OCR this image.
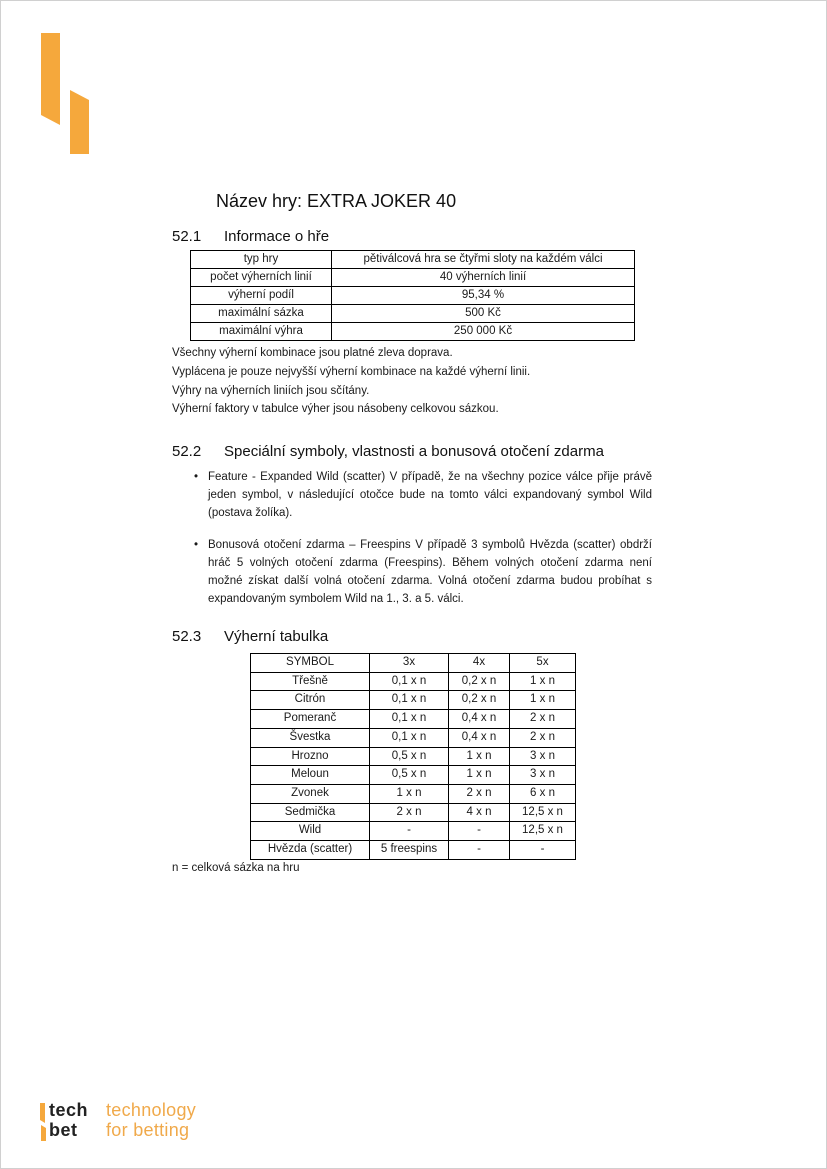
Název hry: EXTRA JOKER 40
52.1 Informace o hře
typ hry	pětiválcová hra se čtyřmi sloty na každém válci
počet výherních linií	40 výherních linií
výherní podíl	95,34 %
maximální sázka	500 Kč
maximální výhra	250 000 Kč
Všechny výherní kombinace jsou platné zleva doprava.
Vyplácena je pouze nejvyšší výherní kombinace na každé výherní linii.
Výhry na výherních liniích jsou sčítány.
Výherní faktory v tabulce výher jsou násobeny celkovou sázkou.
52.2 Speciální symboly, vlastnosti a bonusová otočení zdarma
• Feature - Expanded Wild (scatter) V případě, že na všechny pozice válce přije právě jeden symbol, v následující otočce bude na tomto válci expandovaný symbol Wild (postava žolíka).
• Bonusová otočení zdarma – Freespins V případě 3 symbolů Hvězda (scatter) obdrží hráč 5 volných otočení zdarma (Freespins). Během volných otočení zdarma není možné získat další volná otočení zdarma. Volná otočení zdarma budou probíhat s expandovaným symbolem Wild na 1., 3. a 5. válci.
52.3 Výherní tabulka
SYMBOL	3x	4x	5x
Třešně	0,1 x n	0,2 x n	1 x n
Citrón	0,1 x n	0,2 x n	1 x n
Pomeranč	0,1 x n	0,4 x n	2 x n
Švestka	0,1 x n	0,4 x n	2 x n
Hrozno	0,5 x n	1 x n	3 x n
Meloun	0,5 x n	1 x n	3 x n
Zvonek	1 x n	2 x n	6 x n
Sedmička	2 x n	4 x n	12,5 x n
Wild	-	-	12,5 x n
Hvězda (scatter)	5 freespins	-	-
n = celková sázka na hru
tech
bet
technology
for betting
